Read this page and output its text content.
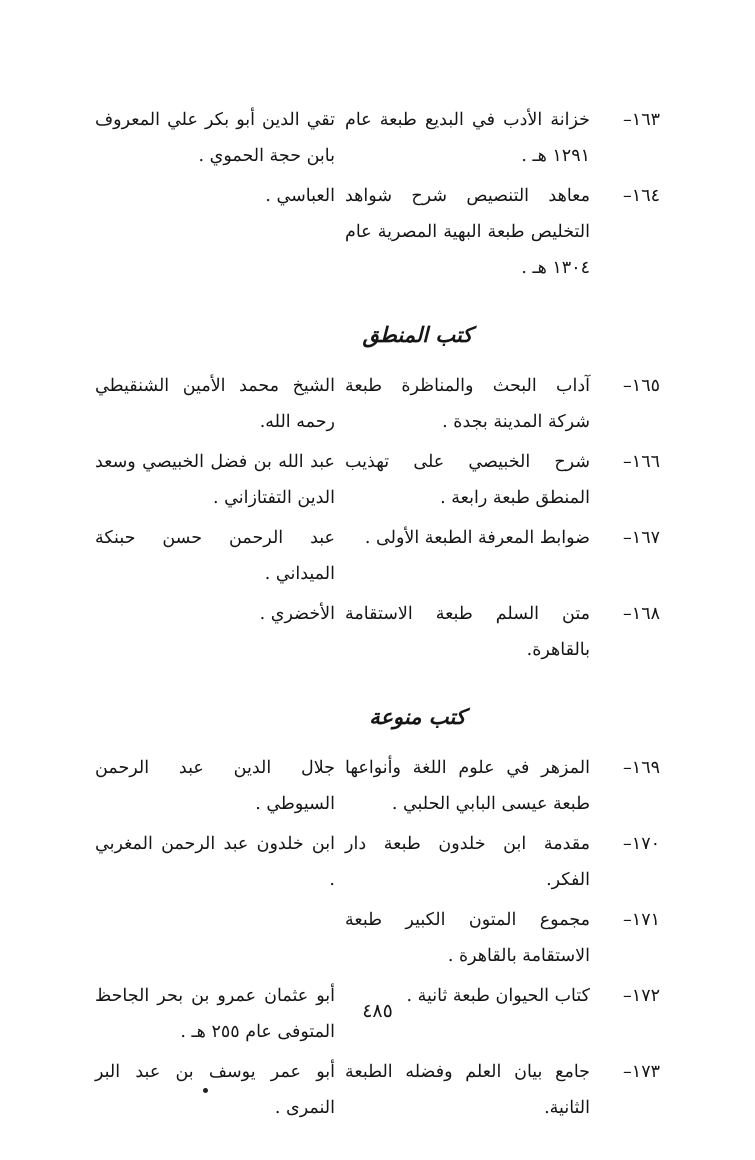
١٦٣–
خزانة الأدب في البديع طبعة عام ١٢٩١ هـ .
تقي الدين أبو بكر علي المعروف بابن حجة الحموي .
١٦٤–
معاهد التنصيص شرح شواهد التخليص طبعة البهية المصرية عام ١٣٠٤ هـ .
العباسي .
كتب المنطق
١٦٥–
آداب البحث والمناظرة طبعة شركة المدينة بجدة .
الشيخ محمد الأمين الشنقيطي رحمه الله.
١٦٦–
شرح الخبيصي على تهذيب المنطق طبعة رابعة .
عبد الله بن فضل الخبيصي وسعد الدين التفتازاني .
١٦٧–
ضوابط المعرفة الطبعة الأولى .
عبد الرحمن حسن حبنكة الميداني .
١٦٨–
متن السلم طبعة الاستقامة بالقاهرة.
الأخضري .
كتب منوعة
١٦٩–
المزهر في علوم اللغة وأنواعها طبعة عيسى البابي الحلبي .
جلال الدين عبد الرحمن السيوطي .
١٧٠–
مقدمة ابن خلدون طبعة دار الفكر.
ابن خلدون عبد الرحمن المغربي .
١٧١–
مجموع المتون الكبير طبعة الاستقامة بالقاهرة .
١٧٢–
كتاب الحيوان طبعة ثانية .
أبو عثمان عمرو بن بحر الجاحظ المتوفى عام ٢٥٥ هـ .
١٧٣–
جامع بيان العلم وفضله الطبعة الثانية.
أبو عمر يوسف بن عبد البر النمرى .
٤٨٥
